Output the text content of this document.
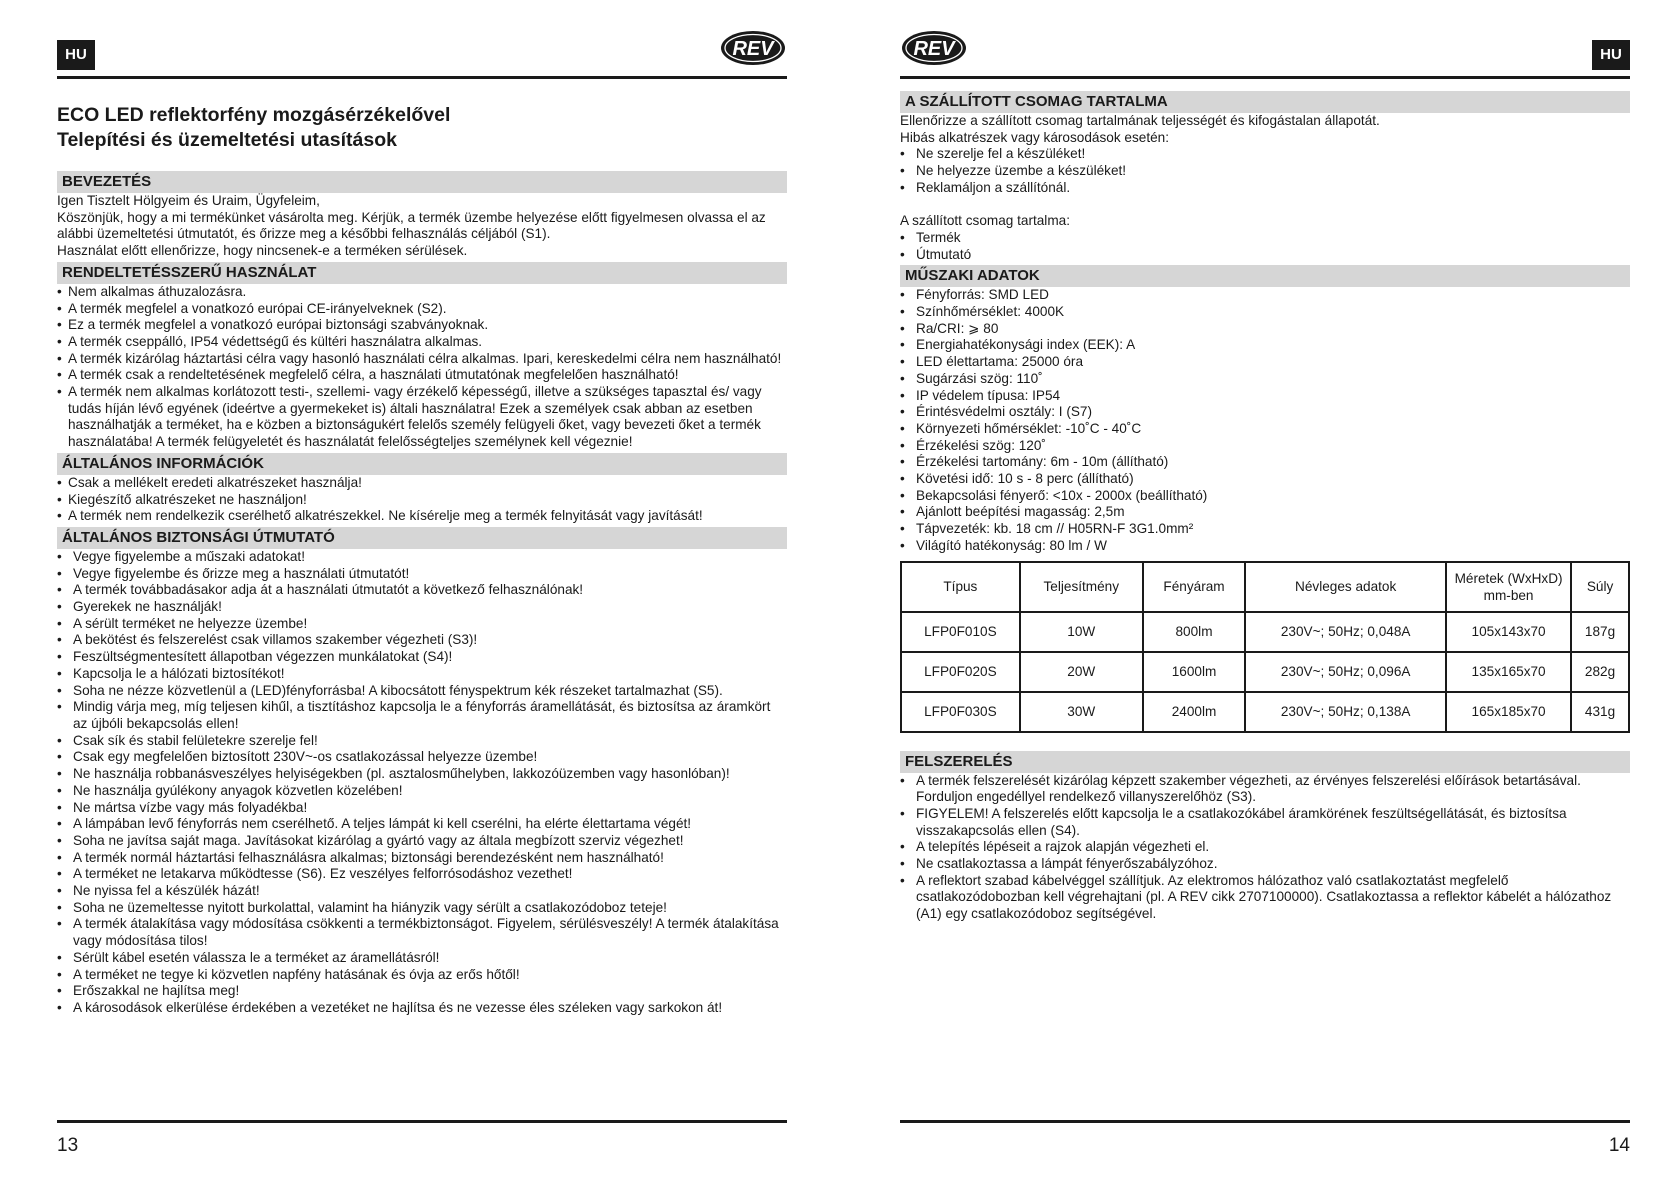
HU	REV
ECO LED reflektorfény mozgásérzékelővel
Telepítési és üzemeltetési utasítások
BEVEZETÉS

Igen Tisztelt Hölgyeim és Uraim, Ügyfeleim,

Köszönjük, hogy a mi termékünket vásárolta meg. Kérjük, a termék üzembe helyezése előtt figyelmesen olvassa el az alábbi üzemeltetési útmutatót, és őrizze meg a későbbi felhasználás céljából (S1).

Használat előtt ellenőrizze, hogy nincsenek-e a terméken sérülések.

RENDELTETÉSSZERŰ HASZNÁLAT
• Nem alkalmas áthuzalozásra.
• A termék megfelel a vonatkozó európai CE-irányelveknek (S2).
• Ez a termék megfelel a vonatkozó európai biztonsági szabványoknak.
• A termék cseppálló, IP54 védettségű és kültéri használatra alkalmas.
• A termék kizárólag háztartási célra vagy hasonló használati célra alkalmas. Ipari, kereskedelmi célra nem használható!
• A termék csak a rendeltetésének megfelelő célra, a használati útmutatónak megfelelően használható!
• A termék nem alkalmas korlátozott testi-, szellemi- vagy érzékelő képességű, illetve a szükséges tapasztal és/ vagy tudás híján lévő egyének (ideértve a gyermekeket is) általi használatra! Ezek a személyek csak abban az esetben használhatják a terméket, ha e közben a biztonságukért felelős személy felügyeli őket, vagy bevezeti őket a termék használatába! A termék felügyeletét és használatát felelősségteljes személynek kell végeznie!
ÁLTALÁNOS INFORMÁCIÓK
• Csak a mellékelt eredeti alkatrészeket használja!
• Kiegészítő alkatrészeket ne használjon!
• A termék nem rendelkezik cserélhető alkatrészekkel. Ne kísérelje meg a termék felnyitását vagy javítását!
ÁLTALÁNOS BIZTONSÁGI ÚTMUTATÓ
• Vegye figyelembe a műszaki adatokat!
• Vegye figyelembe és őrizze meg a használati útmutatót!
• A termék továbbadásakor adja át a használati útmutatót a következő felhasználónak!
• Gyerekek ne használják!
• A sérült terméket ne helyezze üzembe!
• A bekötést és felszerelést csak villamos szakember végezheti (S3)!
• Feszültségmentesített állapotban végezzen munkálatokat (S4)!
• Kapcsolja le a hálózati biztosítékot!
• Soha ne nézze közvetlenül a (LED)fényforrásba! A kibocsátott fényspektrum kék részeket tartalmazhat (S5).
• Mindig várja meg, míg teljesen kihűl, a tisztításhoz kapcsolja le a fényforrás áramellátását, és biztosítsa az áramkört az újbóli bekapcsolás ellen!
• Csak sík és stabil felületekre szerelje fel!
• Csak egy megfelelően biztosított 230V~-os csatlakozással helyezze üzembe!
• Ne használja robbanásveszélyes helyiségekben (pl. asztalosműhelyben, lakkozóüzemben vagy hasonlóban)!
• Ne használja gyúlékony anyagok közvetlen közelében!
• Ne mártsa vízbe vagy más folyadékba!
• A lámpában levő fényforrás nem cserélhető. A teljes lámpát ki kell cserélni, ha elérte élettartama végét!
• Soha ne javítsa saját maga. Javításokat kizárólag a gyártó vagy az általa megbízott szerviz végezhet!
• A termék normál háztartási felhasználásra alkalmas; biztonsági berendezésként nem használható!
• A terméket ne letakarva működtesse (S6). Ez veszélyes felforrósodáshoz vezethet!
• Ne nyissa fel a készülék házát!
• Soha ne üzemeltesse nyitott burkolattal, valamint ha hiányzik vagy sérült a csatlakozódoboz teteje!
• A termék átalakítása vagy módosítása csökkenti a termékbiztonságot. Figyelem, sérülésveszély! A termék átalakítása vagy módosítása tilos!
• Sérült kábel esetén válassza le a terméket az áramellátásról!
• A terméket ne tegye ki közvetlen napfény hatásának és óvja az erős hőtől!
• Erőszakkal ne hajlítsa meg!
• A károsodások elkerülése érdekében a vezetéket ne hajlítsa és ne vezesse éles széleken vagy sarkokon át!
13
REV	HU
A SZÁLLÍTOTT CSOMAG TARTALMA

Ellenőrizze a szállított csomag tartalmának teljességét és kifogástalan állapotát.

Hibás alkatrészek vagy károsodások esetén:

• Ne szerelje fel a készüléket!
• Ne helyezze üzembe a készüléket!
• Reklamáljon a szállítónál.

A szállított csomag tartalma:

• Termék
• Útmutató
MŰSZAKI ADATOK
• Fényforrás: SMD LED
• Színhőmérséklet: 4000K
• Ra/CRI: ⩾ 80
• Energiahatékonysági index (EEK): A
• LED élettartama: 25000 óra
• Sugárzási szög: 110˚
• IP védelem típusa: IP54
• Érintésvédelmi osztály: I (S7)
• Környezeti hőmérséklet: -10˚C - 40˚C
• Érzékelési szög: 120˚
• Érzékelési tartomány: 6m - 10m (állítható)
• Követési idő: 10 s - 8 perc (állítható)
• Bekapcsolási fényerő: <10x - 2000x (beállítható)
• Ajánlott beépítési magasság: 2,5m
• Tápvezeték: kb. 18 cm // H05RN-F 3G1.0mm²
• Világító hatékonyság: 80 lm / W
Típus	Teljesítmény	Fényáram	Névleges adatok	Méretek (WxHxD) mm-ben	Súly
LFP0F010S	10W	800lm	230V~; 50Hz; 0,048A	105x143x70	187g
LFP0F020S	20W	1600lm	230V~; 50Hz; 0,096A	135x165x70	282g
LFP0F030S	30W	2400lm	230V~; 50Hz; 0,138A	165x185x70	431g
FELSZERELÉS
• A termék felszerelését kizárólag képzett szakember végezheti, az érvényes felszerelési előírások betartásával. Forduljon engedéllyel rendelkező villanyszerelőhöz (S3).
• FIGYELEM! A felszerelés előtt kapcsolja le a csatlakozókábel áramkörének feszültségellátását, és biztosítsa visszakapcsolás ellen (S4).
• A telepítés lépéseit a rajzok alapján végezheti el.
• Ne csatlakoztassa a lámpát fényerőszabályzóhoz.
• A reflektort szabad kábelvéggel szállítjuk. Az elektromos hálózathoz való csatlakoztatást megfelelő csatlakozódobozban kell végrehajtani (pl. A REV cikk 2707100000). Csatlakoztassa a reflektor kábelét a hálózathoz (A1) egy csatlakozódoboz segítségével.
14
